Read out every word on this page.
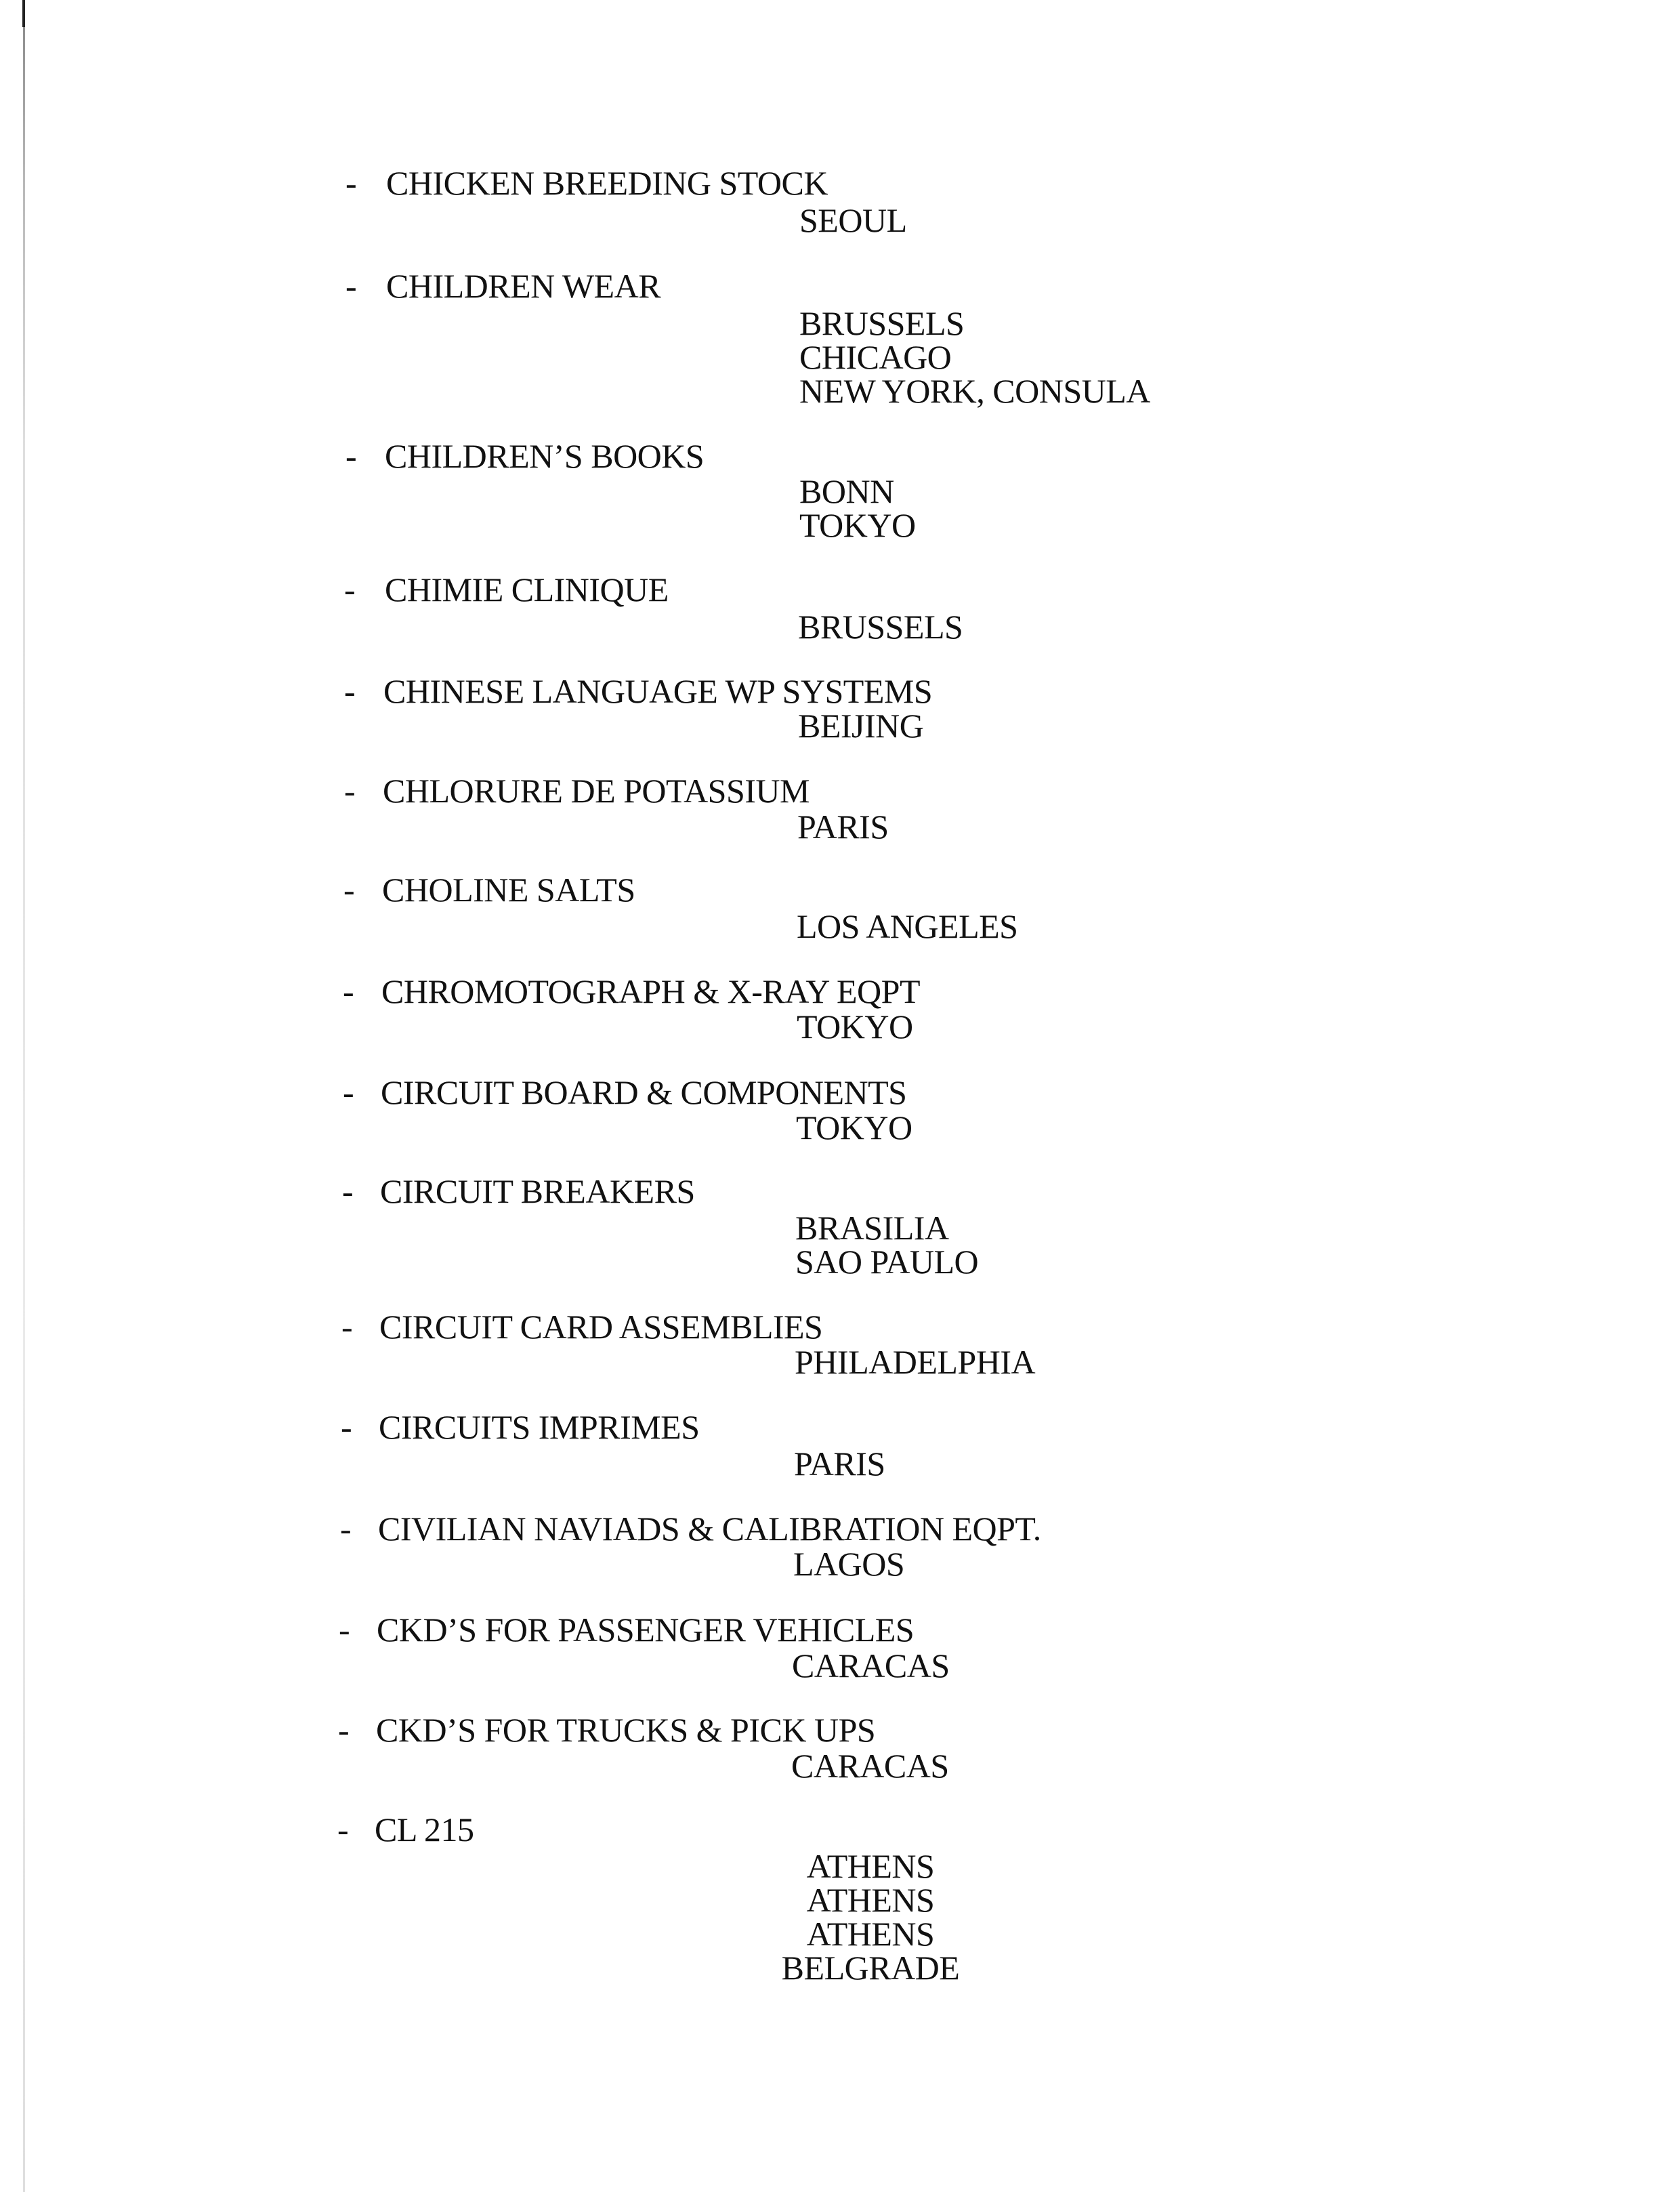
- CHICKEN BREEDING STOCK
SEOUL
- CHILDREN WEAR
BRUSSELS
CHICAGO
NEW YORK, CONSULA
- CHILDREN’S BOOKS
BONN
TOKYO
- CHIMIE CLINIQUE
BRUSSELS
- CHINESE LANGUAGE WP SYSTEMS
BEIJING
- CHLORURE DE POTASSIUM
PARIS
- CHOLINE SALTS
LOS ANGELES
- CHROMOTOGRAPH & X-RAY EQPT
TOKYO
- CIRCUIT BOARD & COMPONENTS
TOKYO
- CIRCUIT BREAKERS
BRASILIA
SAO PAULO
- CIRCUIT CARD ASSEMBLIES
PHILADELPHIA
- CIRCUITS IMPRIMES
PARIS
- CIVILIAN NAVIADS & CALIBRATION EQPT.
LAGOS
- CKD’S FOR PASSENGER VEHICLES
CARACAS
- CKD’S FOR TRUCKS & PICK UPS
CARACAS
- CL 215
ATHENS
ATHENS
ATHENS
BELGRADE
